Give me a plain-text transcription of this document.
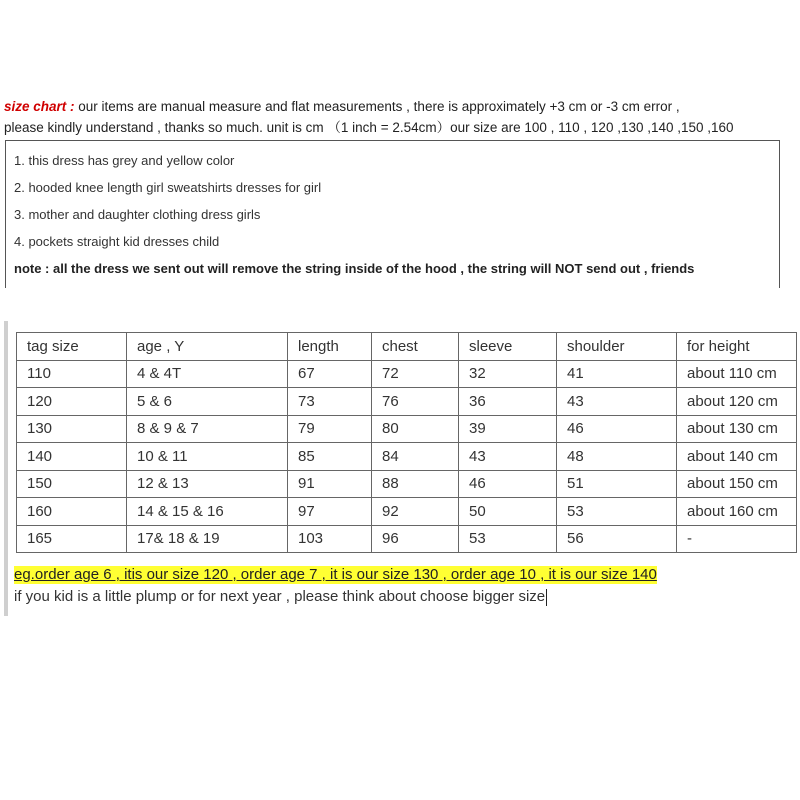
size chart : our items are manual measure and flat measurements , there is approximately +3 cm or -3 cm error ,
please kindly understand , thanks so much. unit is cm （1 inch = 2.54cm）our size are 100 , 110 , 120 ,130 ,140 ,150 ,160
1. this dress has grey and yellow color
2. hooded knee length girl sweatshirts dresses for girl
3. mother and daughter clothing dress girls
4. pockets straight kid dresses child
note : all the dress we sent out will remove the string inside of the hood , the string will NOT send out , friends
tag size	age , Y	length	chest	sleeve	shoulder	for height
110	4 & 4T	67	72	32	41	about 110 cm
120	5 & 6	73	76	36	43	about 120 cm
130	8 & 9 & 7	79	80	39	46	about 130 cm
140	10 & 11	85	84	43	48	about 140 cm
150	12 & 13	91	88	46	51	about 150 cm
160	14 & 15 & 16	97	92	50	53	about 160 cm
165	17& 18 & 19	103	96	53	56	-
eg.order age 6 , itis our size 120 , order age 7 , it is our size 130 , order age 10 , it is our size 140
if you kid is a little plump or for next year , please think about choose bigger size
